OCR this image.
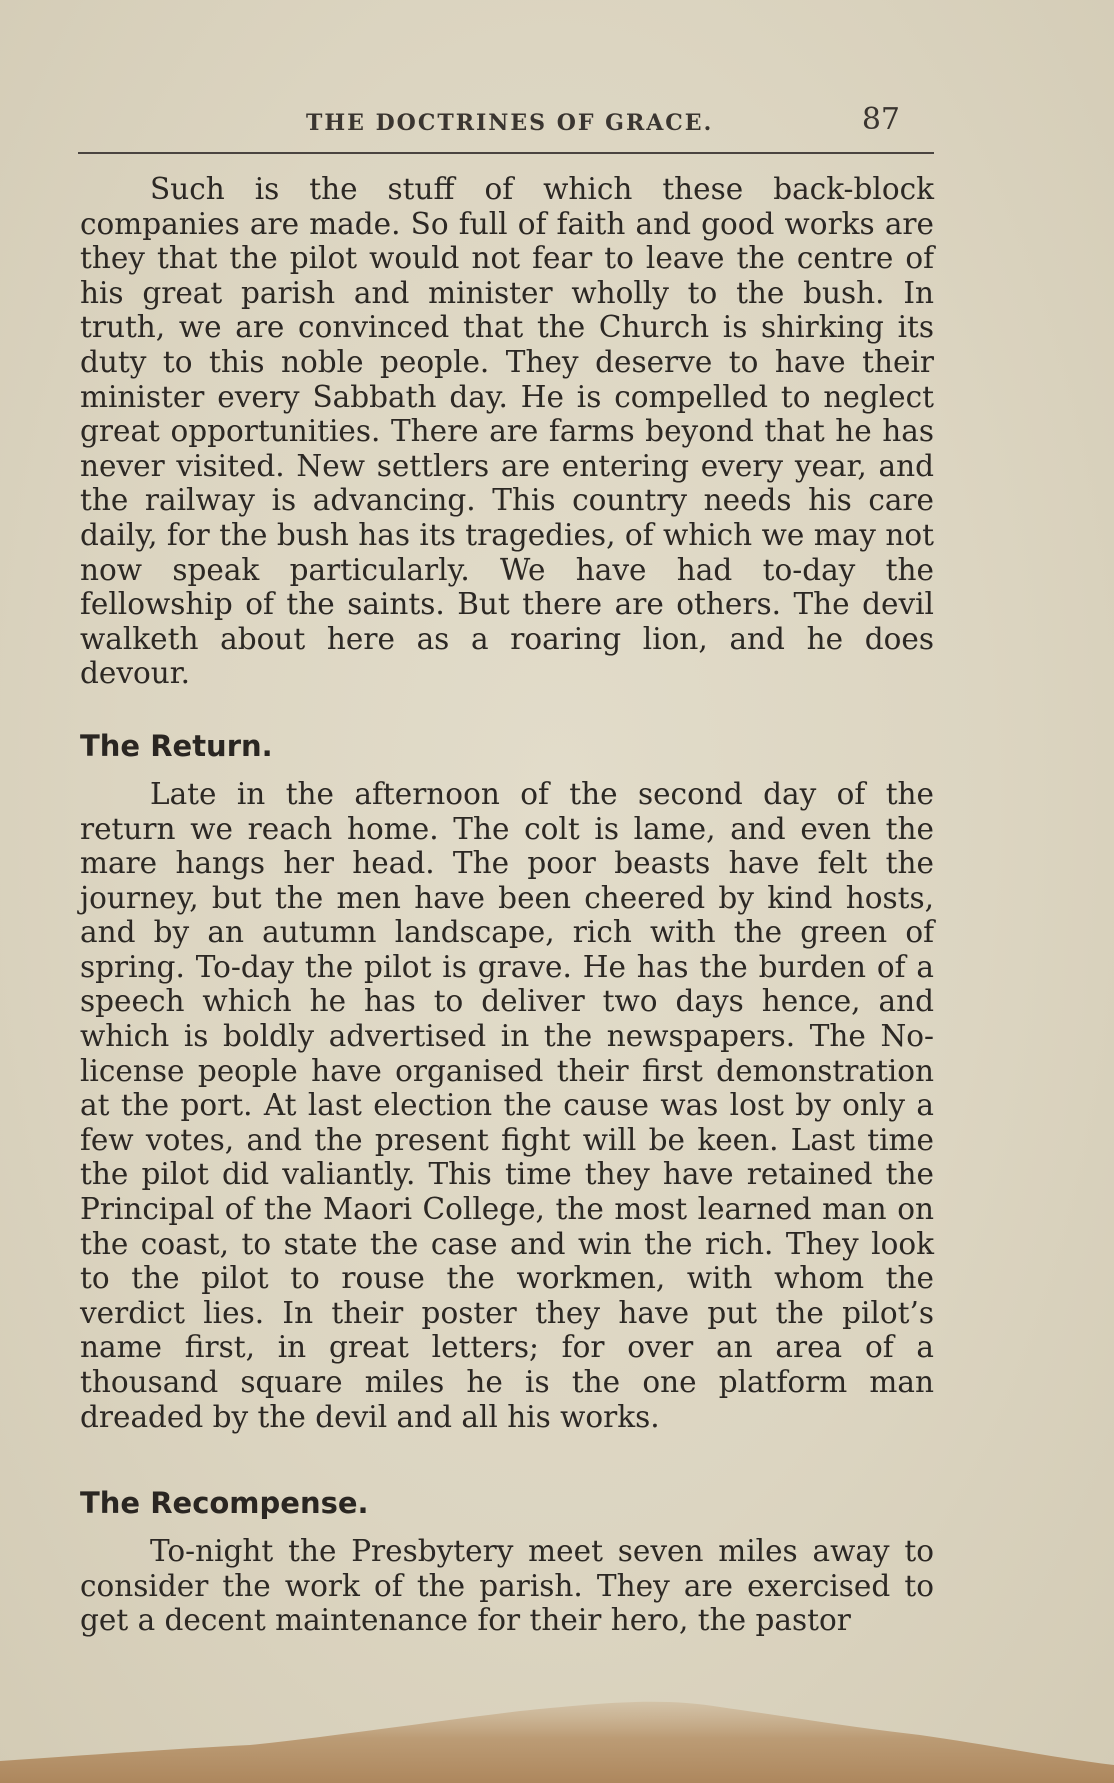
THE DOCTRINES OF GRACE.	87

Such is the stuff of which these back-block companies are made. So full of faith and good works are they that the pilot would not fear to leave the centre of his great parish and minister wholly to the bush. In truth, we are convinced that the Church is shirking its duty to this noble people. They deserve to have their minister every Sabbath day. He is compelled to neglect great opportunities. There are farms beyond that he has never visited. New settlers are entering every year, and the railway is advancing. This country needs his care daily, for the bush has its tragedies, of which we may not now speak particularly. We have had to-day the fellowship of the saints. But there are others. The devil walketh about here as a roaring lion, and he does devour.

The Return.

Late in the afternoon of the second day of the return we reach home. The colt is lame, and even the mare hangs her head. The poor beasts have felt the journey, but the men have been cheered by kind hosts, and by an autumn landscape, rich with the green of spring. To-day the pilot is grave. He has the burden of a speech which he has to deliver two days hence, and which is boldly advertised in the newspapers. The No-license people have organised their first demonstration at the port. At last election the cause was lost by only a few votes, and the present fight will be keen. Last time the pilot did valiantly. This time they have retained the Principal of the Maori College, the most learned man on the coast, to state the case and win the rich. They look to the pilot to rouse the workmen, with whom the verdict lies. In their poster they have put the pilot’s name first, in great letters; for over an area of a thousand square miles he is the one platform man dreaded by the devil and all his works.

The Recompense.

To-night the Presbytery meet seven miles away to consider the work of the parish. They are exercised to get a decent maintenance for their hero, the pastor
